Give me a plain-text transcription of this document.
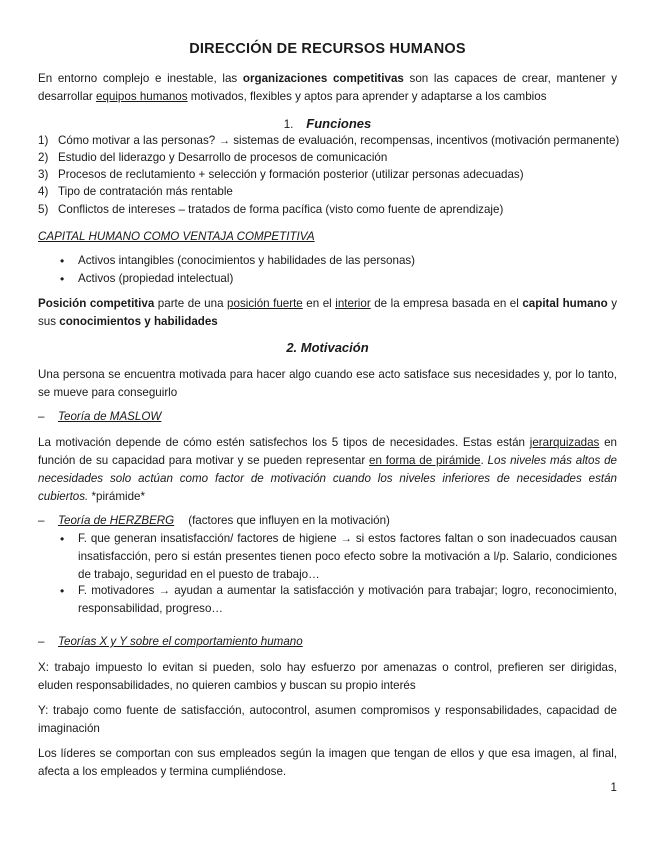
DIRECCIÓN DE RECURSOS HUMANOS
En entorno complejo e inestable, las organizaciones competitivas son las capaces de crear, mantener y desarrollar equipos humanos motivados, flexibles y aptos para aprender y adaptarse a los cambios
1. Funciones
1) Cómo motivar a las personas? → sistemas de evaluación, recompensas, incentivos (motivación permanente)
2) Estudio del liderazgo y Desarrollo de procesos de comunicación
3) Procesos de reclutamiento + selección y formación posterior (utilizar personas adecuadas)
4) Tipo de contratación más rentable
5) Conflictos de intereses – tratados de forma pacífica (visto como fuente de aprendizaje)
CAPITAL HUMANO COMO VENTAJA COMPETITIVA
• Activos intangibles (conocimientos y habilidades de las personas)
• Activos (propiedad intelectual)
Posición competitiva parte de una posición fuerte en el interior de la empresa basada en el capital humano y sus conocimientos y habilidades
2. Motivación
Una persona se encuentra motivada para hacer algo cuando ese acto satisface sus necesidades y, por lo tanto, se mueve para conseguirlo
– Teoría de MASLOW
La motivación depende de cómo estén satisfechos los 5 tipos de necesidades. Estas están jerarquizadas en función de su capacidad para motivar y se pueden representar en forma de pirámide. Los niveles más altos de necesidades solo actúan como factor de motivación cuando los niveles inferiores de necesidades están cubiertos. *pirámide*
– Teoría de HERZBERG (factores que influyen en la motivación)
• F. que generan insatisfacción/ factores de higiene → si estos factores faltan o son inadecuados causan insatisfacción, pero si están presentes tienen poco efecto sobre la motivación a l/p. Salario, condiciones de trabajo, seguridad en el puesto de trabajo…
• F. motivadores → ayudan a aumentar la satisfacción y motivación para trabajar; logro, reconocimiento, responsabilidad, progreso…
– Teorías X y Y sobre el comportamiento humano
X: trabajo impuesto lo evitan si pueden, solo hay esfuerzo por amenazas o control, prefieren ser dirigidas, eluden responsabilidades, no quieren cambios y buscan su propio interés
Y: trabajo como fuente de satisfacción, autocontrol, asumen compromisos y responsabilidades, capacidad de imaginación
Los líderes se comportan con sus empleados según la imagen que tengan de ellos y que esa imagen, al final, afecta a los empleados y termina cumpliéndose.
1
